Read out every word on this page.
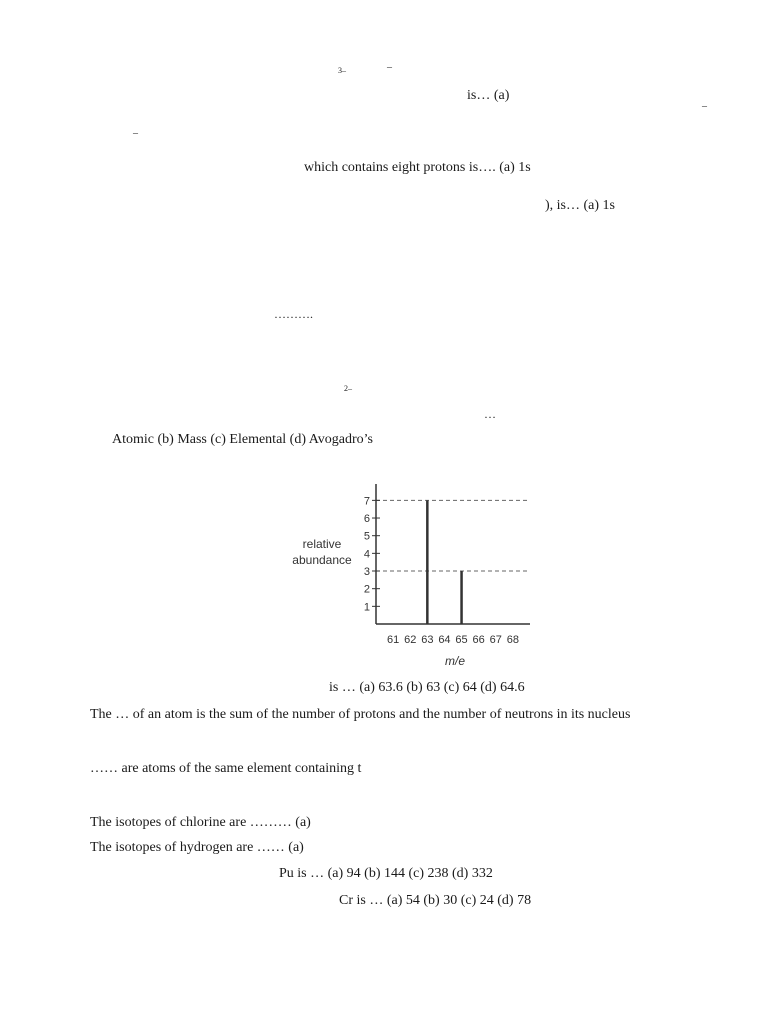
3–	–
is… (a)
–
–
which contains eight protons is…. (a) 1s
), is… (a) 1s
……….
2–
…
Atomic (b) Mass (c) Elemental (d) Avogadro’s
relative
abundance
1
2
3
4
5
6
7
61 62 63 64 65 66 67 68
m/e
is … (a) 63.6 (b) 63 (c) 64 (d) 64.6
The … of an atom is the sum of the number of protons and the number of neutrons in its nucleus
…… are atoms of the same element containing t
The isotopes of chlorine are ……… (a)
The isotopes of hydrogen are …… (a)
Pu is … (a) 94 (b) 144 (c) 238 (d) 332
Cr is … (a) 54 (b) 30 (c) 24 (d) 78
